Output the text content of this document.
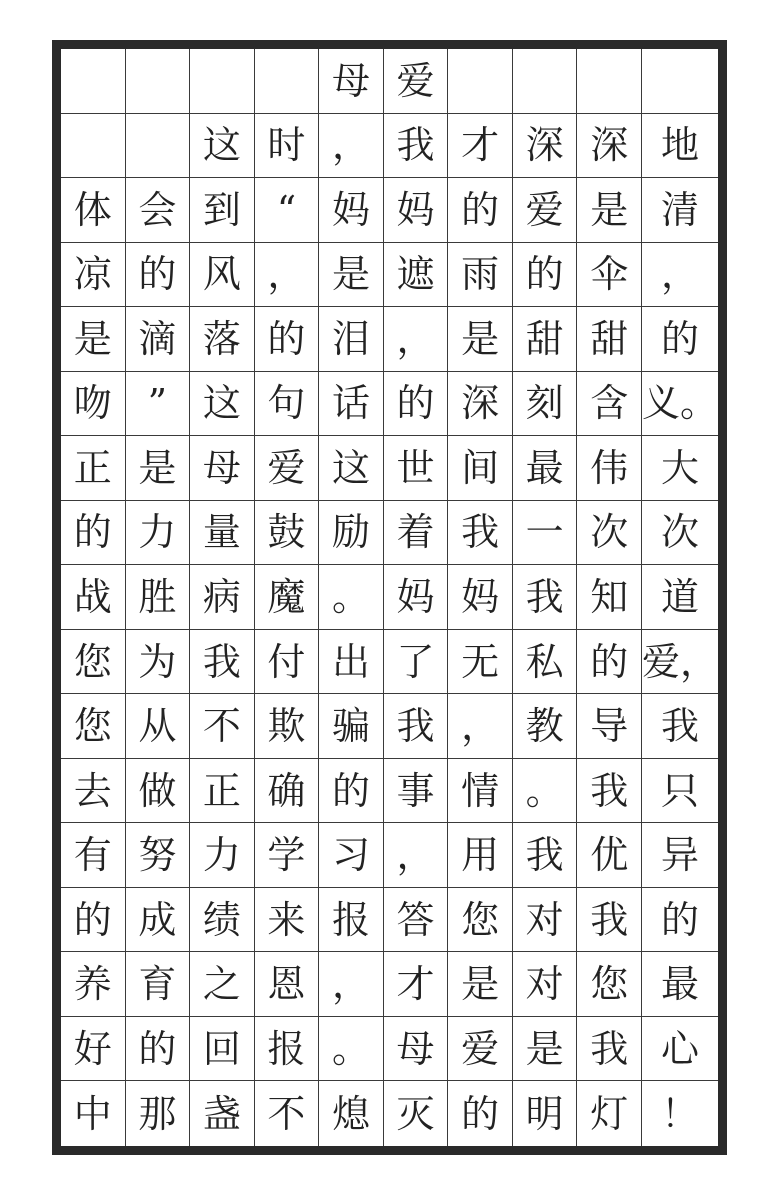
母 爱
这 时 ， 我 才 深 深 地
体 会 到 “ 妈 妈 的 爱 是 清
凉 的 风 ， 是 遮 雨 的 伞 ，
是 滴 落 的 泪 ， 是 甜 甜 的
吻 ” 这 句 话 的 深 刻 含 义。
正 是 母 爱 这 世 间 最 伟 大
的 力 量 鼓 励 着 我 一 次 次
战 胜 病 魔 。 妈 妈 我 知 道
您 为 我 付 出 了 无 私 的 爱，
您 从 不 欺 骗 我 ， 教 导 我
去 做 正 确 的 事 情 。 我 只
有 努 力 学 习 ， 用 我 优 异
的 成 绩 来 报 答 您 对 我 的
养 育 之 恩 ， 才 是 对 您 最
好 的 回 报 。 母 爱 是 我 心
中 那 盏 不 熄 灭 的 明 灯 ！
